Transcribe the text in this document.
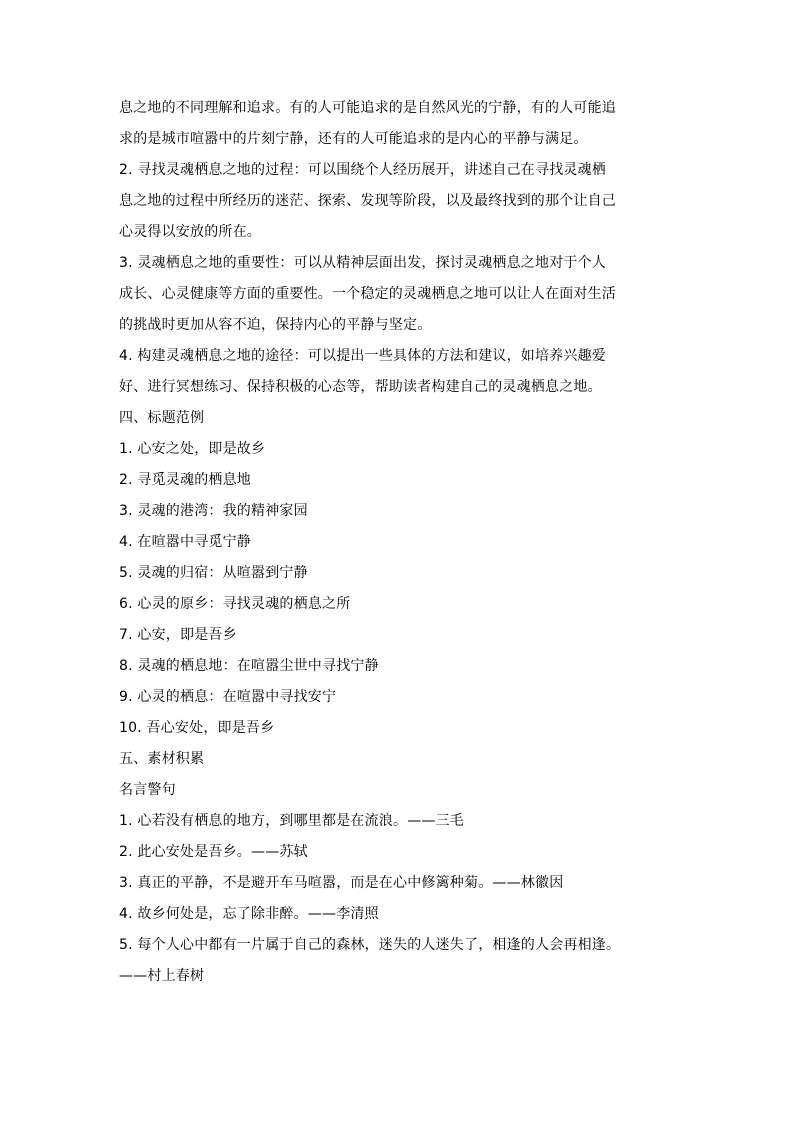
息之地的不同理解和追求。有的人可能追求的是自然风光的宁静，有的人可能追
求的是城市喧嚣中的片刻宁静，还有的人可能追求的是内心的平静与满足。
2. 寻找灵魂栖息之地的过程：可以围绕个人经历展开，讲述自己在寻找灵魂栖
息之地的过程中所经历的迷茫、探索、发现等阶段，以及最终找到的那个让自己
心灵得以安放的所在。
3. 灵魂栖息之地的重要性：可以从精神层面出发，探讨灵魂栖息之地对于个人
成长、心灵健康等方面的重要性。一个稳定的灵魂栖息之地可以让人在面对生活
的挑战时更加从容不迫，保持内心的平静与坚定。
4. 构建灵魂栖息之地的途径：可以提出一些具体的方法和建议，如培养兴趣爱
好、进行冥想练习、保持积极的心态等，帮助读者构建自己的灵魂栖息之地。
四、标题范例
1. 心安之处，即是故乡
2. 寻觅灵魂的栖息地
3. 灵魂的港湾：我的精神家园
4. 在喧嚣中寻觅宁静
5. 灵魂的归宿：从喧嚣到宁静
6. 心灵的原乡：寻找灵魂的栖息之所
7. 心安，即是吾乡
8. 灵魂的栖息地：在喧嚣尘世中寻找宁静
9. 心灵的栖息：在喧嚣中寻找安宁
10. 吾心安处，即是吾乡
五、素材积累
名言警句
1. 心若没有栖息的地方，到哪里都是在流浪。——三毛
2. 此心安处是吾乡。——苏轼
3. 真正的平静，不是避开车马喧嚣，而是在心中修篱种菊。——林徽因
4. 故乡何处是，忘了除非醉。——李清照
5. 每个人心中都有一片属于自己的森林，迷失的人迷失了，相逢的人会再相逢。
——村上春树
